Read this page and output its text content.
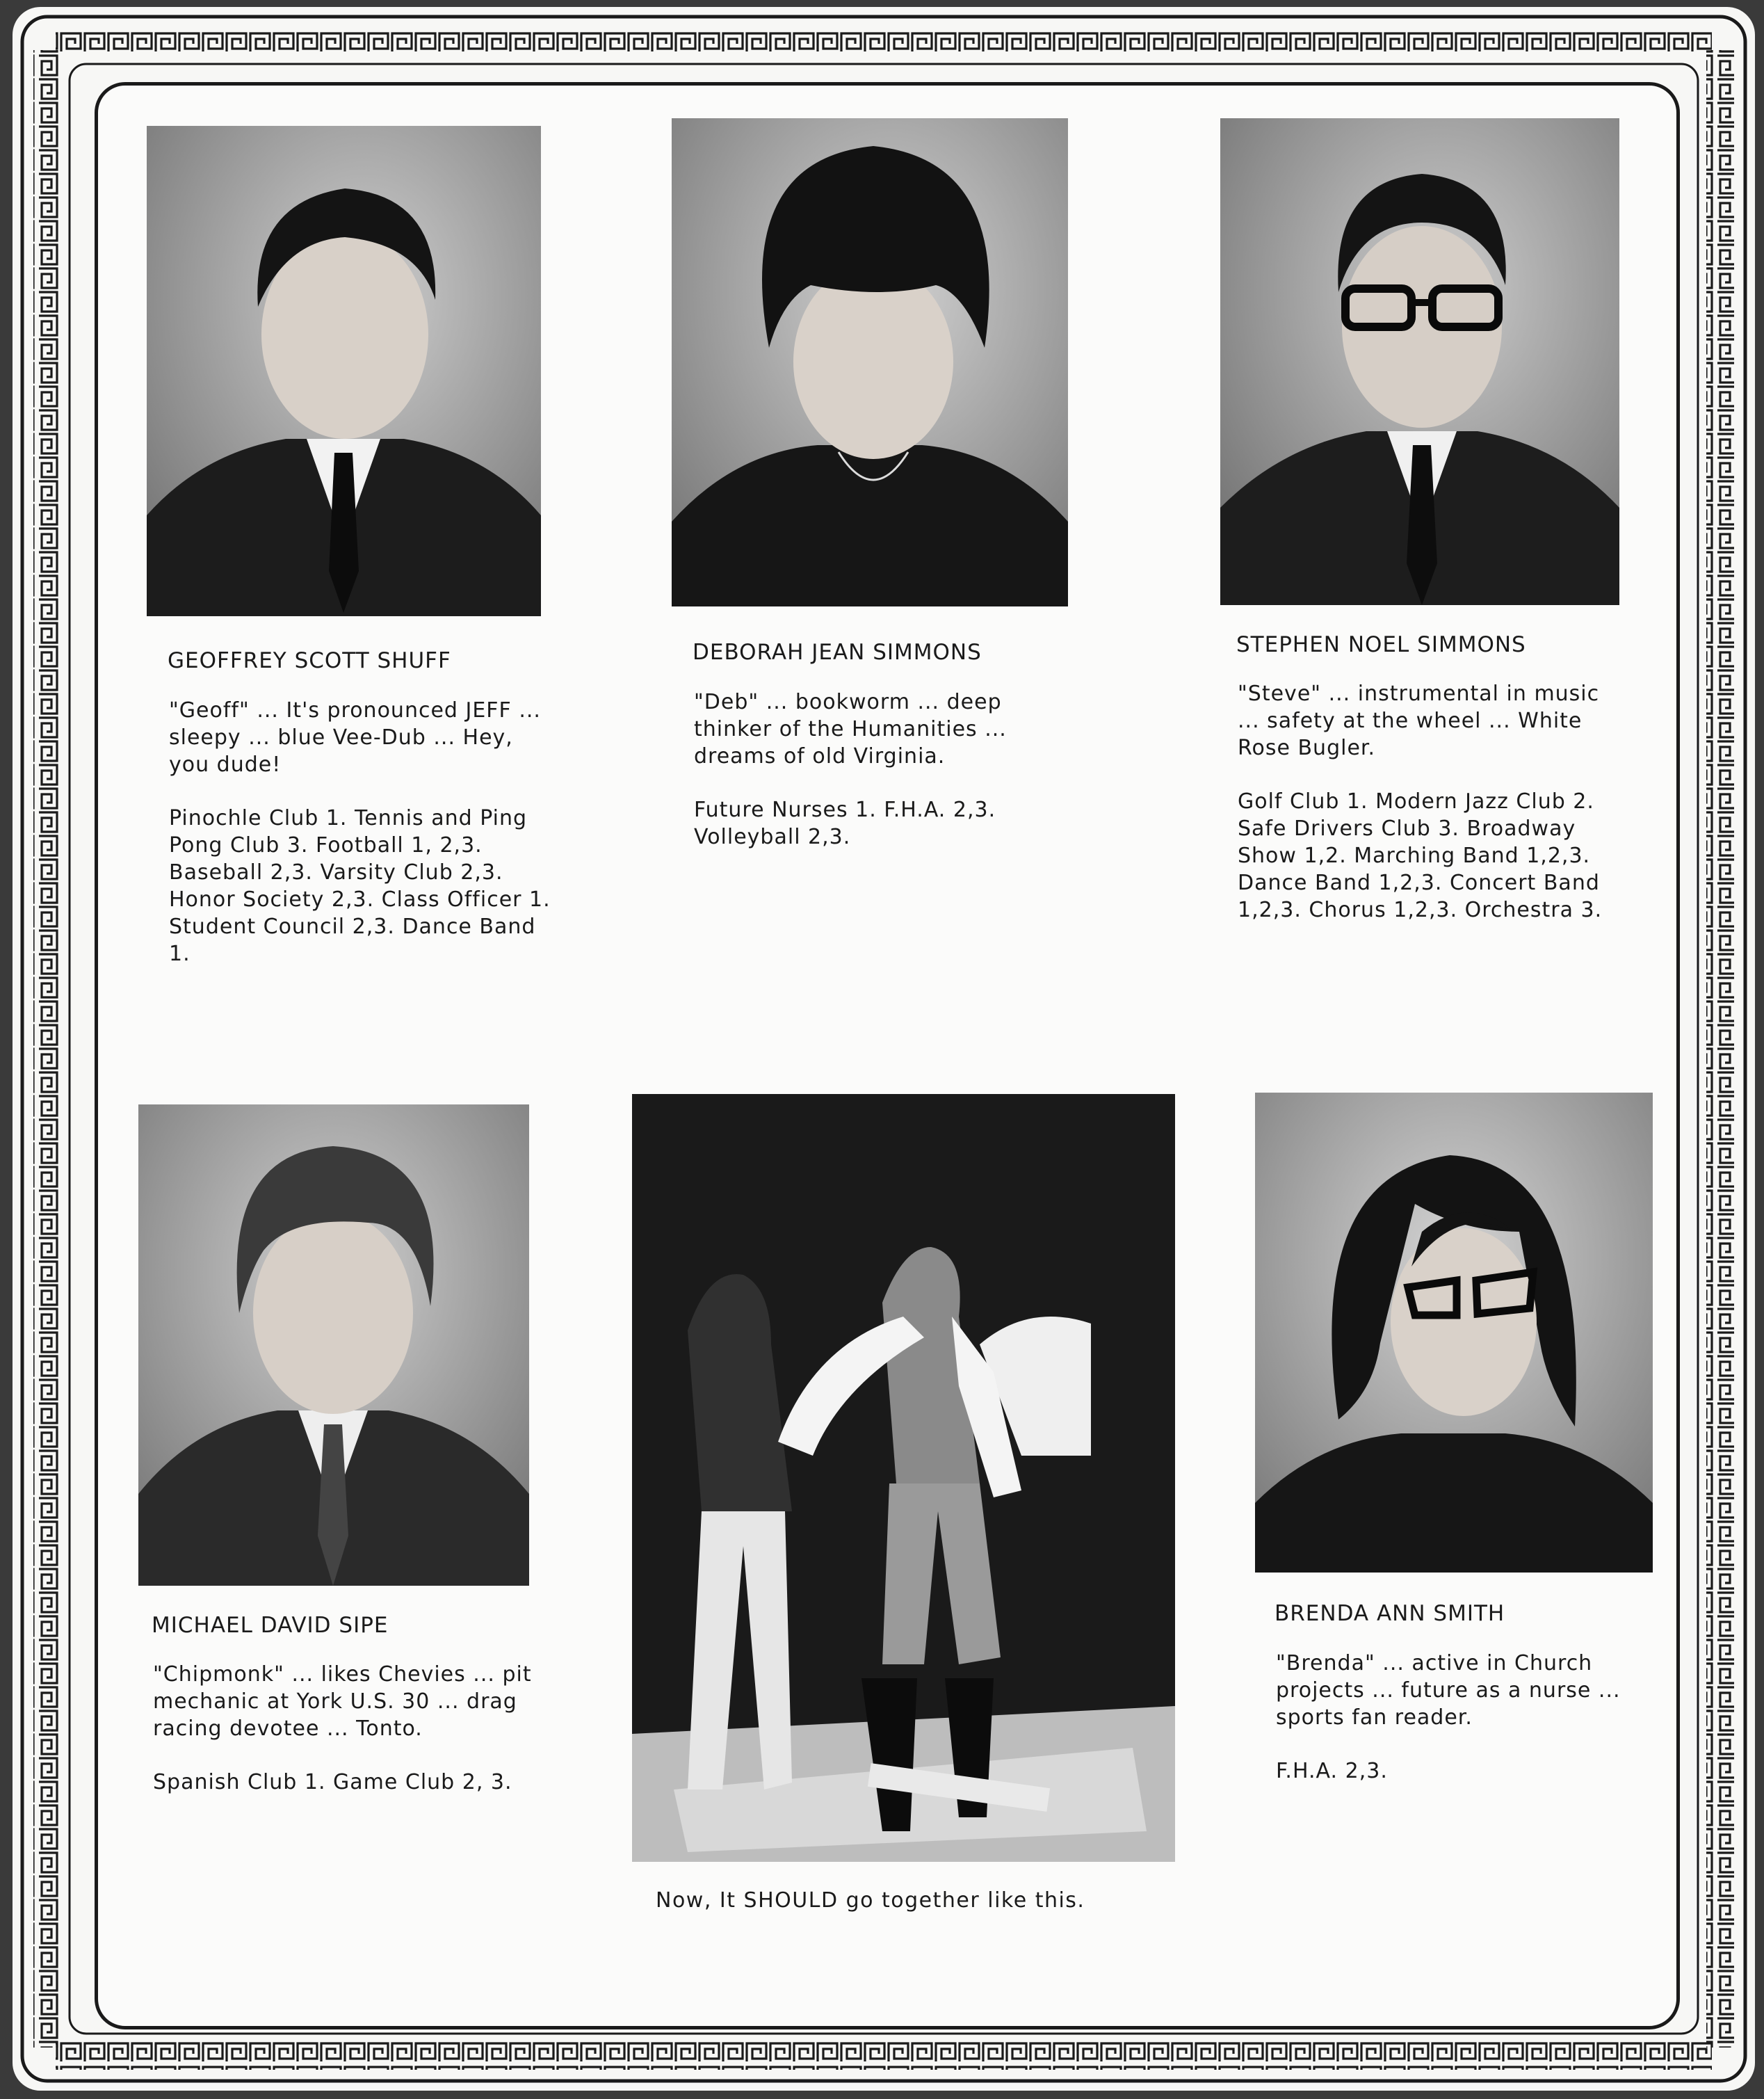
GEOFFREY SCOTT SHUFF

"Geoff" ... It's pronounced JEFF ... sleepy ... blue Vee-Dub ... Hey, you dude!

Pinochle Club 1. Tennis and Ping Pong Club 3. Football 1, 2,3. Baseball 2,3. Varsity Club 2,3. Honor Society 2,3. Class Officer 1. Student Council 2,3. Dance Band 1.

DEBORAH JEAN SIMMONS

"Deb" ... bookworm ... deep thinker of the Humanities ... dreams of old Virginia.

Future Nurses 1. F.H.A. 2,3. Volleyball 2,3.

STEPHEN NOEL SIMMONS

"Steve" ... instrumental in music ... safety at the wheel ... White Rose Bugler.

Golf Club 1. Modern Jazz Club 2. Safe Drivers Club 3. Broadway Show 1,2. Marching Band 1,2,3. Dance Band 1,2,3. Concert Band 1,2,3. Chorus 1,2,3. Orchestra 3.

MICHAEL DAVID SIPE

"Chipmonk" ... likes Chevies ... pit mechanic at York U.S. 30 ... drag racing devotee ... Tonto.

Spanish Club 1. Game Club 2, 3.

Now, It SHOULD go together like this.
BRENDA ANN SMITH

"Brenda" ... active in Church projects ... future as a nurse ... sports fan reader.

F.H.A. 2,3.
